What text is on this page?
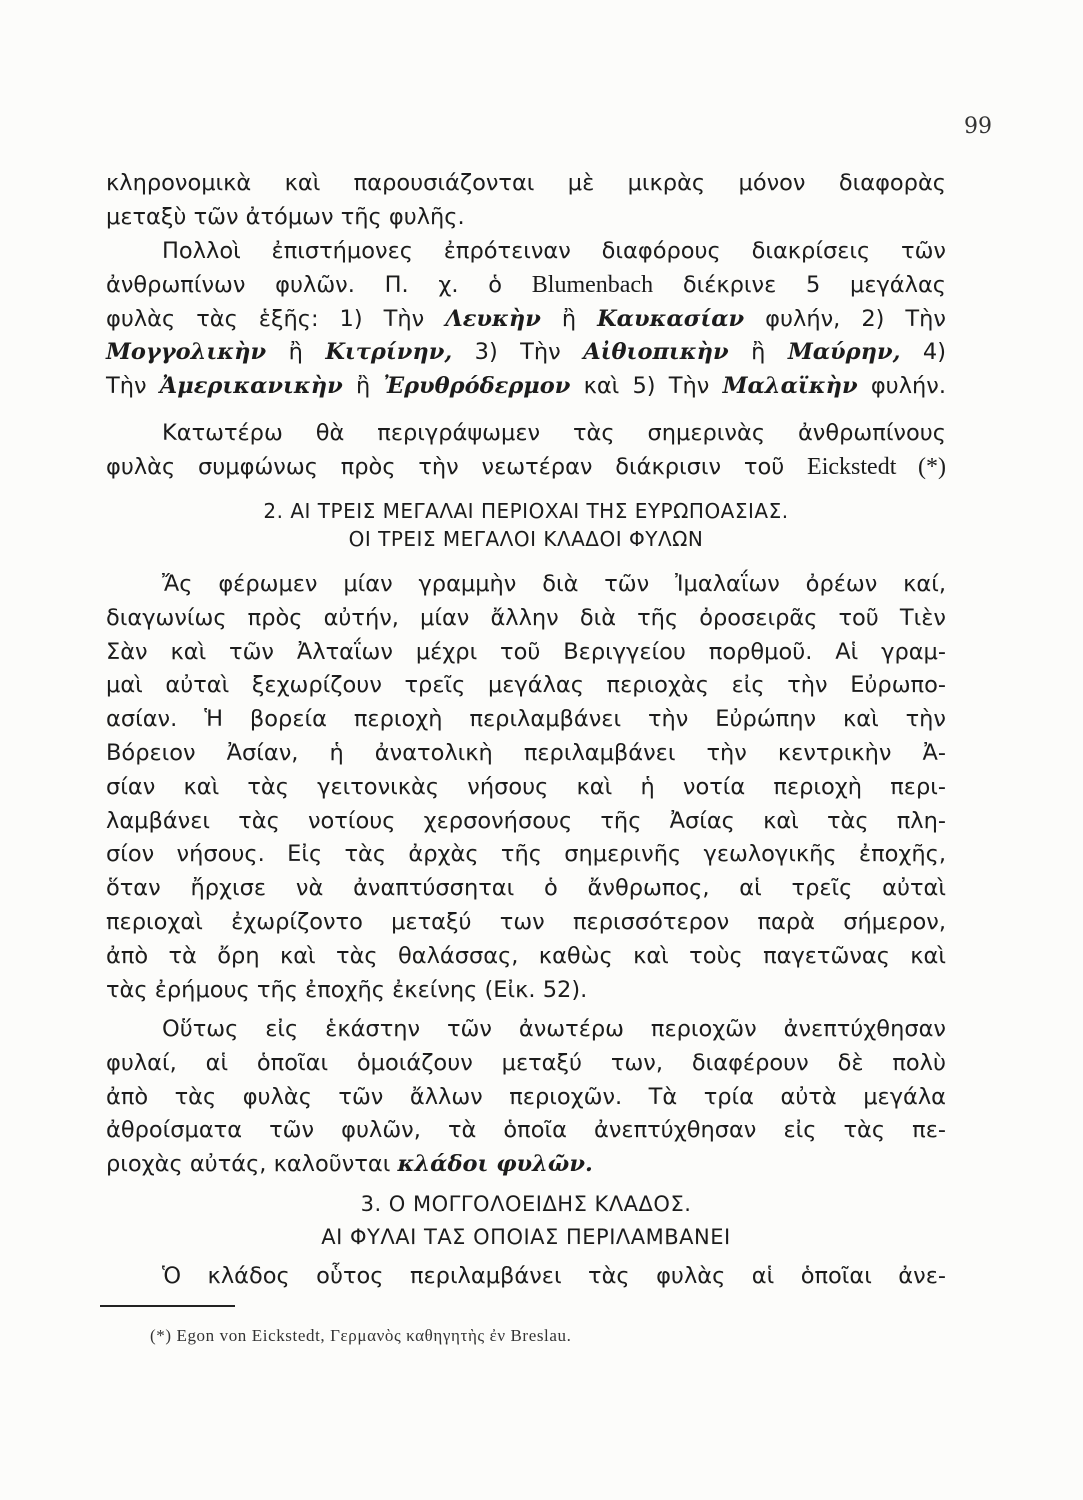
99
κληρονομικὰ καὶ παρουσιάζονται μὲ μικρὰς μόνον διαφορὰς
μεταξὺ τῶν ἀτόμων τῆς φυλῆς.
Πολλοὶ ἐπιστήμονες ἐπρότειναν διαφόρους διακρίσεις τῶν
ἀνθρωπίνων φυλῶν. Π. χ. ὁ Blumenbach διέκρινε 5 μεγάλας
φυλὰς τὰς ἑξῆς: 1) Τὴν Λευκὴν ἢ Καυκασίαν φυλήν, 2) Τὴν
Μογγολικὴν ἢ Κιτρίνην, 3) Τὴν Αἰθιοπικὴν ἢ Μαύρην, 4)
Τὴν Ἀμερικανικὴν ἢ Ἐρυθρόδερμον καὶ 5) Τὴν Μαλαϊκὴν φυλήν.
Κατωτέρω θὰ περιγράψωμεν τὰς σημερινὰς ἀνθρωπίνους
φυλὰς συμφώνως πρὸς τὴν νεωτέραν διάκρισιν τοῦ Eickstedt (*)
2. ΑΙ ΤΡΕΙΣ ΜΕΓΑΛΑΙ ΠΕΡΙΟΧΑΙ ΤΗΣ ΕΥΡΩΠΟΑΣΙΑΣ.
ΟΙ ΤΡΕΙΣ ΜΕΓΑΛΟΙ ΚΛΑΔΟΙ ΦΥΛΩΝ
Ἄς φέρωμεν μίαν γραμμὴν διὰ τῶν Ἰμαλαΐων ὀρέων καί,
διαγωνίως πρὸς αὐτήν, μίαν ἄλλην διὰ τῆς ὀροσειρᾶς τοῦ Τιὲν
Σὰν καὶ τῶν Ἀλταΐων μέχρι τοῦ Βεριγγείου πορθμοῦ. Αἱ γραμ-
μαὶ αὐταὶ ξεχωρίζουν τρεῖς μεγάλας περιοχὰς εἰς τὴν Εὐρωπο-
ασίαν. Ἡ βορεία περιοχὴ περιλαμβάνει τὴν Εὐρώπην καὶ τὴν
Βόρειον Ἀσίαν, ἡ ἀνατολικὴ περιλαμβάνει τὴν κεντρικὴν Ἀ-
σίαν καὶ τὰς γειτονικὰς νήσους καὶ ἡ νοτία περιοχὴ περι-
λαμβάνει τὰς νοτίους χερσονήσους τῆς Ἀσίας καὶ τὰς πλη-
σίον νήσους. Εἰς τὰς ἀρχὰς τῆς σημερινῆς γεωλογικῆς ἐποχῆς,
ὅταν ἤρχισε νὰ ἀναπτύσσηται ὁ ἄνθρωπος, αἱ τρεῖς αὐταὶ
περιοχαὶ ἐχωρίζοντο μεταξύ των περισσότερον παρὰ σήμερον,
ἀπὸ τὰ ὄρη καὶ τὰς θαλάσσας, καθὼς καὶ τοὺς παγετῶνας καὶ
τὰς ἐρήμους τῆς ἐποχῆς ἐκείνης (Εἰκ. 52).
Οὕτως εἰς ἑκάστην τῶν ἀνωτέρω περιοχῶν ἀνεπτύχθησαν
φυλαί, αἱ ὁποῖαι ὁμοιάζουν μεταξύ των, διαφέρουν δὲ πολὺ
ἀπὸ τὰς φυλὰς τῶν ἄλλων περιοχῶν. Τὰ τρία αὐτὰ μεγάλα
ἀθροίσματα τῶν φυλῶν, τὰ ὁποῖα ἀνεπτύχθησαν εἰς τὰς πε-
ριοχὰς αὐτάς, καλοῦνται κλάδοι φυλῶν.
3. Ο ΜΟΓΓΟΛΟΕΙΔΗΣ ΚΛΑΔΟΣ.
ΑΙ ΦΥΛΑΙ ΤΑΣ ΟΠΟΙΑΣ ΠΕΡΙΛΑΜΒΑΝΕΙ
Ὁ κλάδος οὗτος περιλαμβάνει τὰς φυλὰς αἱ ὁποῖαι ἀνε-
(*) Egon von Eickstedt, Γερμανὸς καθηγητὴς ἐν Breslau.
